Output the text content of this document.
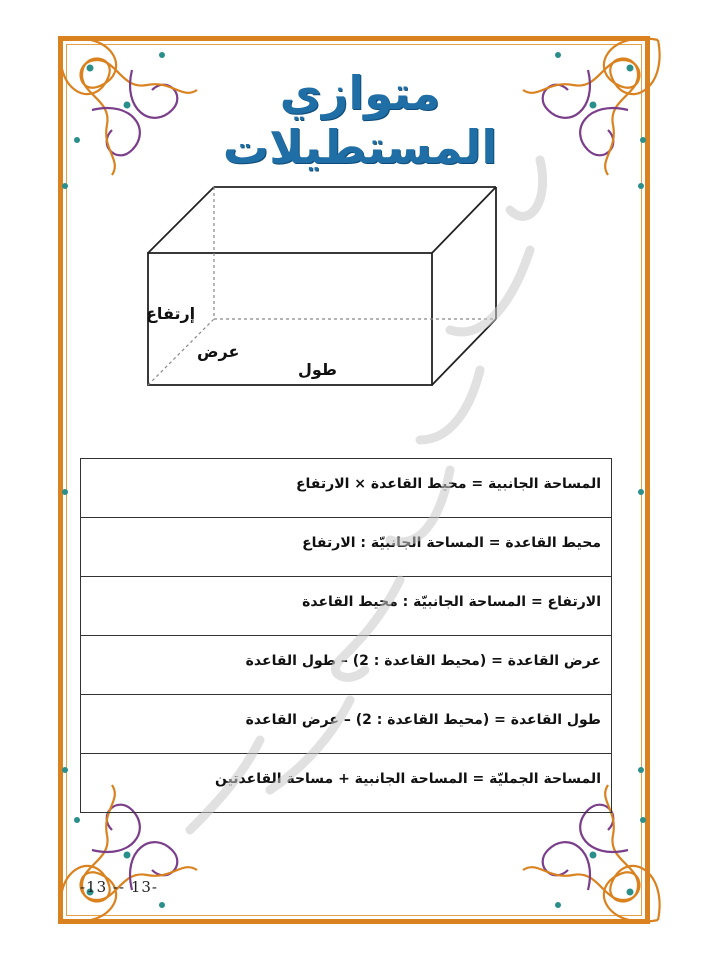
متوازي المستطيلات
إرتفاع
عرض
طول
المساحة الجانبية = محيط القاعدة × الارتفاع
محيط القاعدة = المساحة الجانبيّة : الارتفاع
الارتفاع = المساحة الجانبيّة : محيط القاعدة
عرض القاعدة = (محيط القاعدة : 2) – طول القاعدة
طول القاعدة = (محيط القاعدة : 2) – عرض القاعدة
المساحة الجمليّة = المساحة الجانبية + مساحة القاعدتين
-13 -- 13-
